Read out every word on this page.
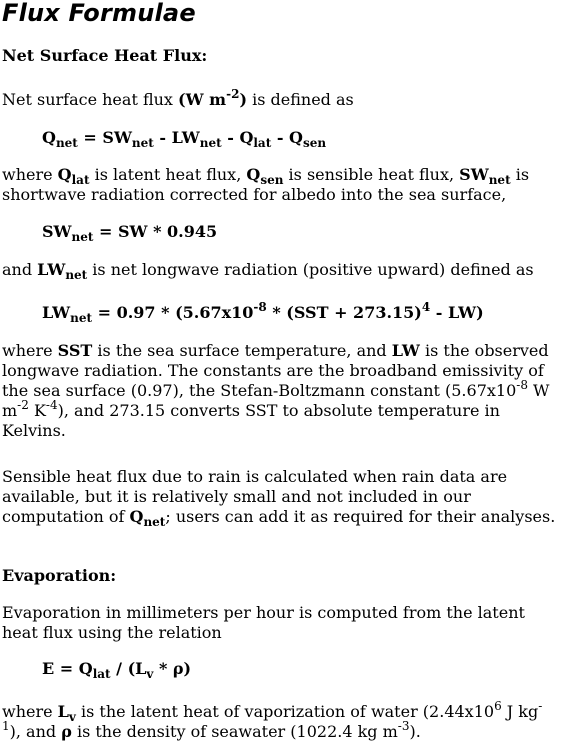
Flux Formulae
Net Surface Heat Flux:
Net surface heat flux (W $m^{-2}$) is defined as
$Q_{net} = SW_{net} - LW_{net} - Q_{lat} - Q_{sen}$
where $Q_{lat}$ is latent heat flux, $Q_{sen}$ is sensible heat flux, $SW_{net}$ is shortwave radiation corrected for albedo into the sea surface,
$SW_{net}$ = SW * 0.945
and $LW_{net}$ is net longwave radiation (positive upward) defined as
$LW_{net} = 0.97 * (5.67x10^{-8} * (SST + 273.15)^4 - LW)$
where SST is the sea surface temperature, and LW is the observed longwave radiation. The constants are the broadband emissivity of the sea surface (0.97), the Stefan-Boltzmann constant ($5.67x10^{-8}$ W $m^{-2}$ $K^{-4}$), and 273.15 converts SST to absolute temperature in Kelvins.
Sensible heat flux due to rain is calculated when rain data are available, but it is relatively small and not included in our computation of $Q_{net}$; users can add it as required for their analyses.
Evaporation:
Evaporation in millimeters per hour is computed from the latent heat flux using the relation
$E = Q_{lat} / (L_v * \rho)$
where $L_v$ is the latent heat of vaporization of water ($2.44x10^6$ J $kg^{-1}$), and ρ is the density of seawater (1022.4 kg $m^{-3}$).
